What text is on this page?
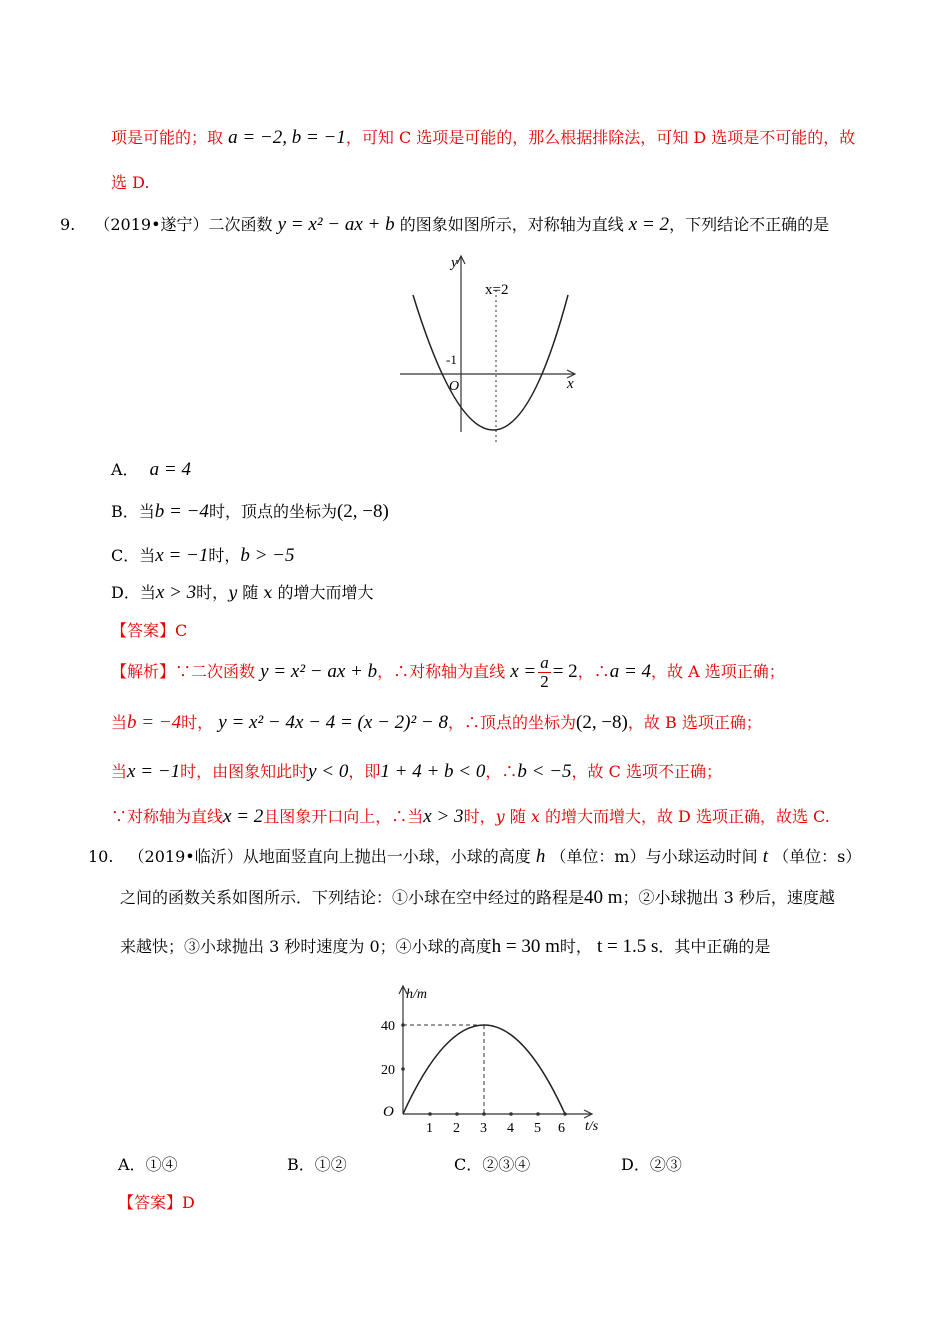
项是可能的；取 a = −2, b = −1，可知 C 选项是可能的，那么根据排除法，可知 D 选项是不可能的，故
选 D.
9. （2019•遂宁）二次函数 y = x² − ax + b 的图象如图所示，对称轴为直线 x = 2，下列结论不正确的是
y
x
O
-1
x=2
A． a = 4
B．当b = −4时，顶点的坐标为(2, −8)
C．当x = −1时，b > −5
D．当x > 3时，y 随 x 的增大而增大
【答案】C
【解析】∵二次函数 y = x² − ax + b，∴对称轴为直线 $x = \frac{a}{2} = 2$，∴a = 4，故 A 选项正确；
当b = −4时， y = x² − 4x − 4 = (x − 2)² − 8，∴顶点的坐标为(2, −8)，故 B 选项正确；
当x = −1时，由图象知此时y < 0，即1 + 4 + b < 0，∴b < −5，故 C 选项不正确；
∵对称轴为直线x = 2且图象开口向上，∴当x > 3时，y 随 x 的增大而增大，故 D 选项正确，故选 C.
10. （2019•临沂）从地面竖直向上抛出一小球，小球的高度 h （单位：m）与小球运动时间 t （单位：s）
之间的函数关系如图所示．下列结论：①小球在空中经过的路程是40 m；②小球抛出 3 秒后，速度越
来越快；③小球抛出 3 秒时速度为 0；④小球的高度h = 30 m时， t = 1.5 s．其中正确的是
h/m
t/s
O
40
20
1 2 3 4 5 6
A．①④	B．①②	C．②③④	D．②③
【答案】D
